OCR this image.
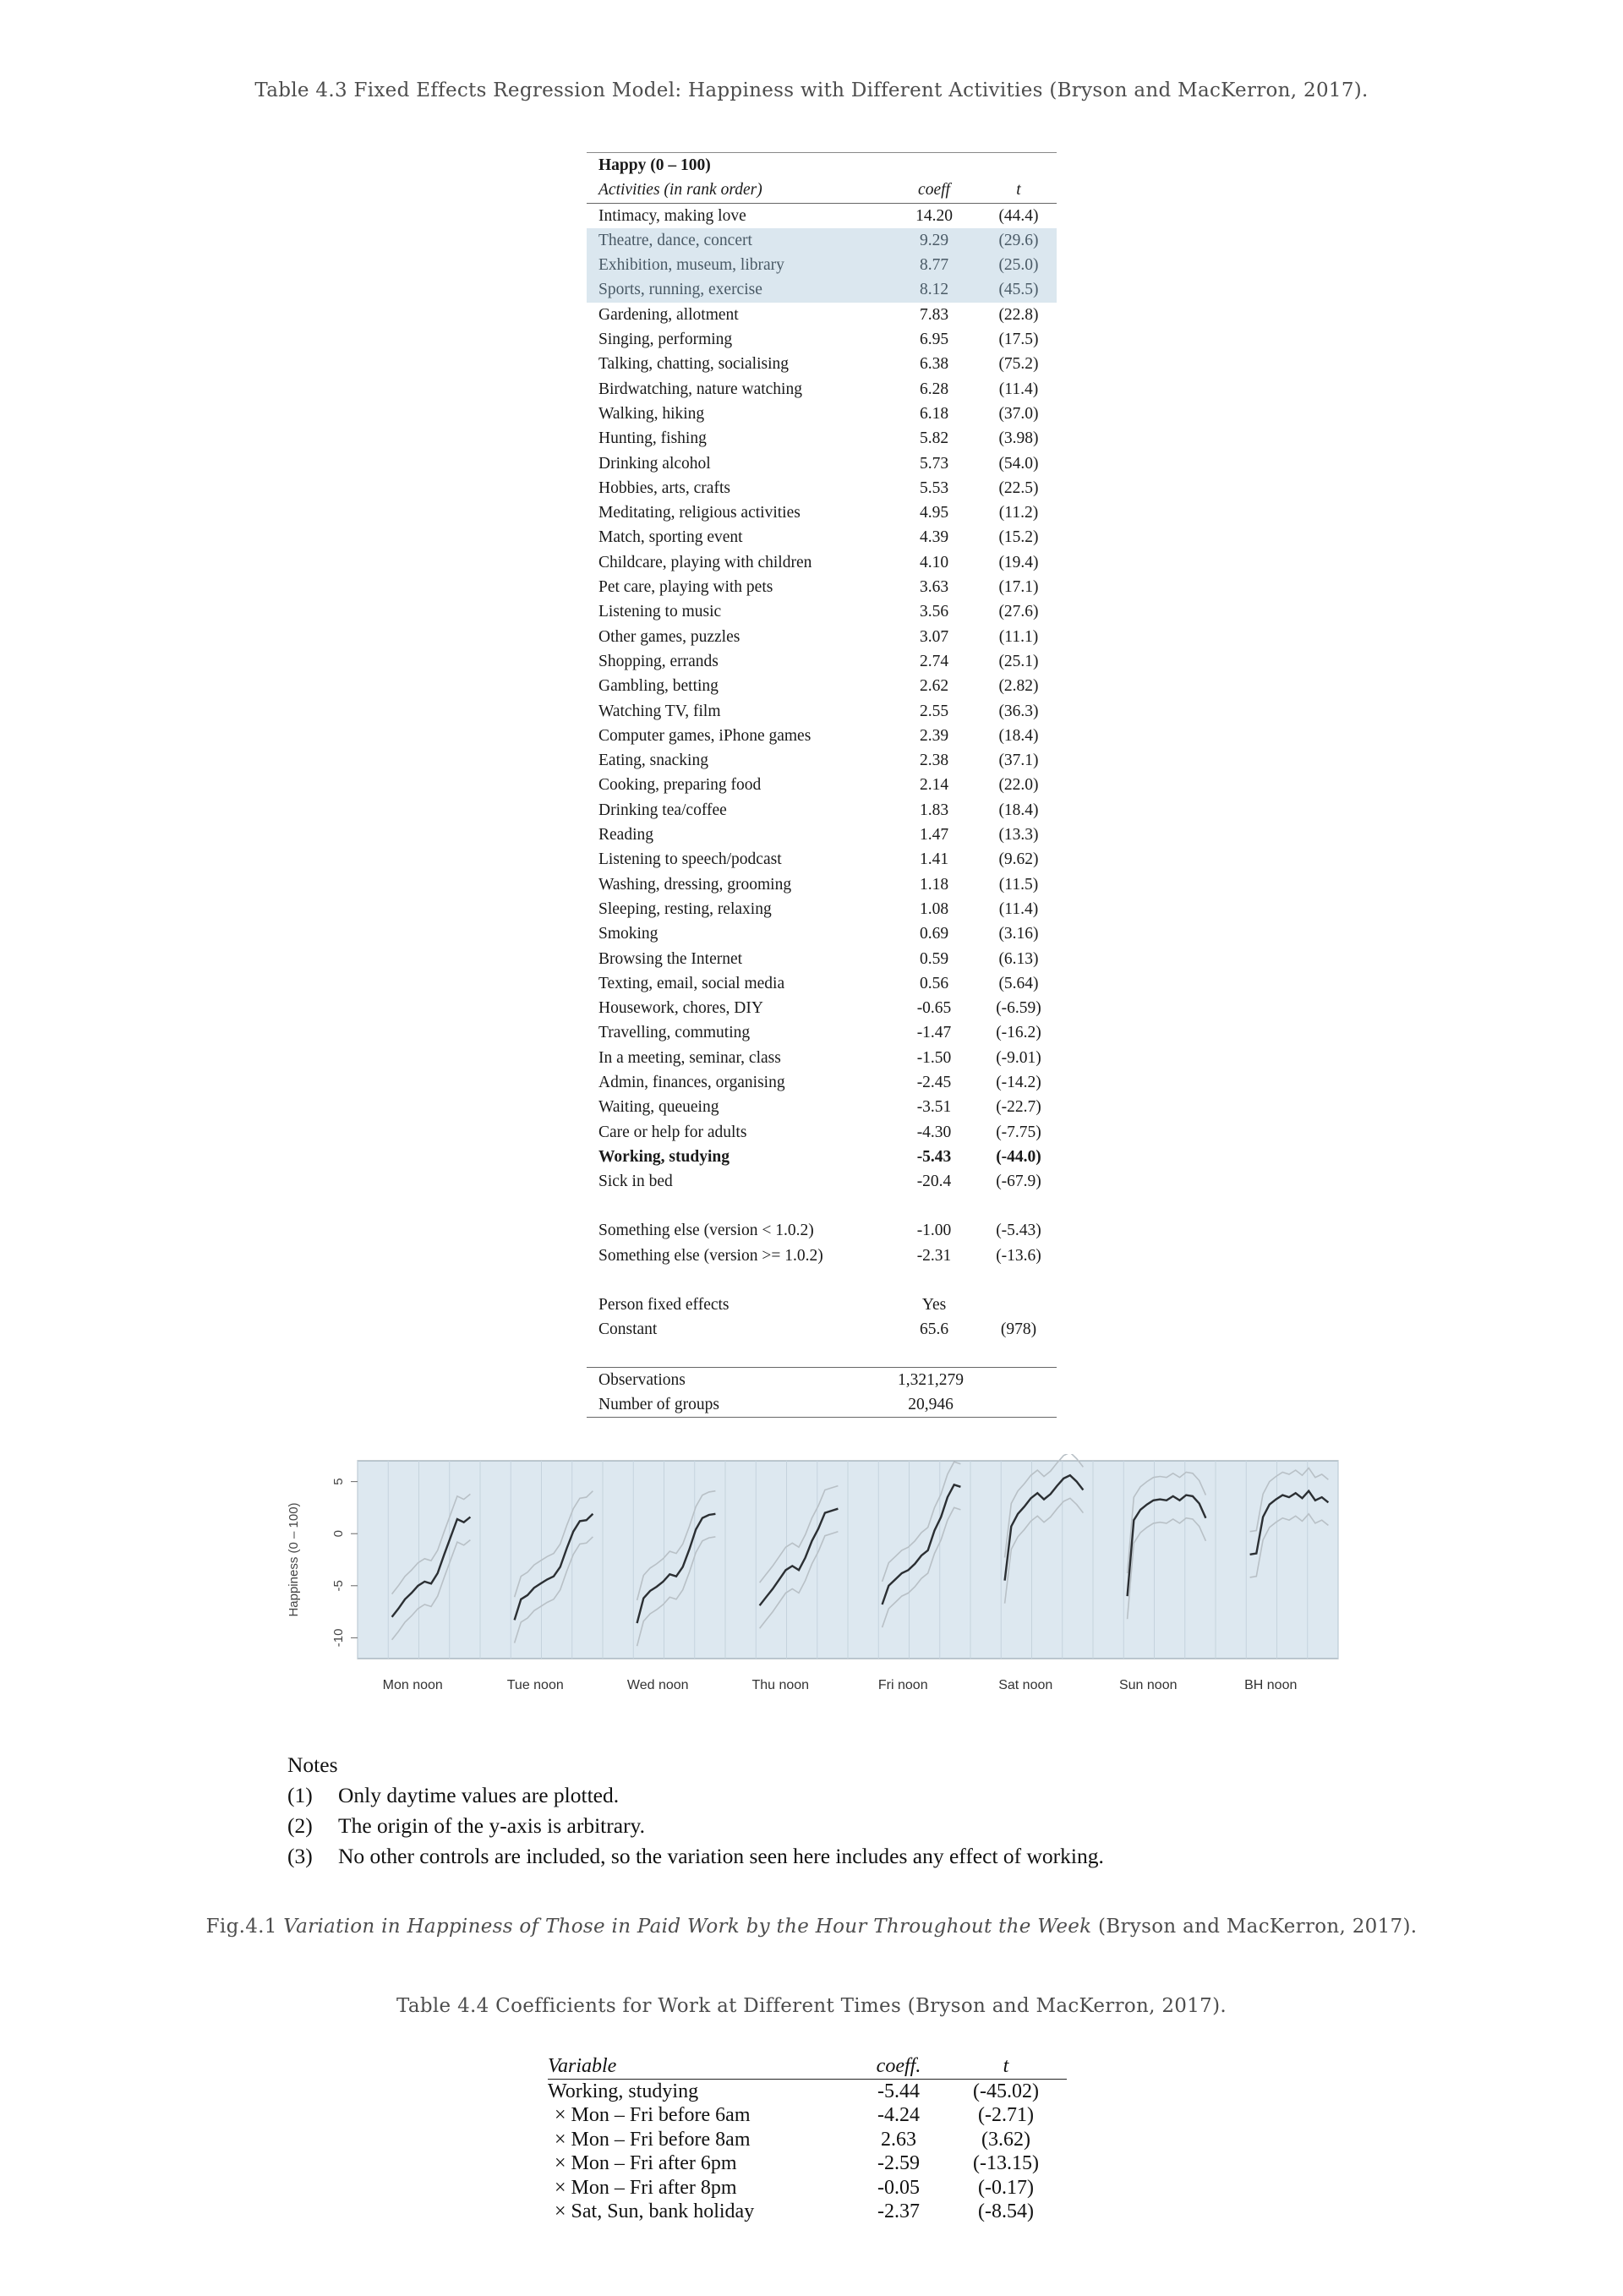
Table 4.3 Fixed Effects Regression Model: Happiness with Different Activities (Bryson and MacKerron, 2017).
Happy (0 – 100)		
Activities (in rank order)	coeff	t
Intimacy, making love	14.20	(44.4)
Theatre, dance, concert	9.29	(29.6)
Exhibition, museum, library	8.77	(25.0)
Sports, running, exercise	8.12	(45.5)
Gardening, allotment	7.83	(22.8)
Singing, performing	6.95	(17.5)
Talking, chatting, socialising	6.38	(75.2)
Birdwatching, nature watching	6.28	(11.4)
Walking, hiking	6.18	(37.0)
Hunting, fishing	5.82	(3.98)
Drinking alcohol	5.73	(54.0)
Hobbies, arts, crafts	5.53	(22.5)
Meditating, religious activities	4.95	(11.2)
Match, sporting event	4.39	(15.2)
Childcare, playing with children	4.10	(19.4)
Pet care, playing with pets	3.63	(17.1)
Listening to music	3.56	(27.6)
Other games, puzzles	3.07	(11.1)
Shopping, errands	2.74	(25.1)
Gambling, betting	2.62	(2.82)
Watching TV, film	2.55	(36.3)
Computer games, iPhone games	2.39	(18.4)
Eating, snacking	2.38	(37.1)
Cooking, preparing food	2.14	(22.0)
Drinking tea/coffee	1.83	(18.4)
Reading	1.47	(13.3)
Listening to speech/podcast	1.41	(9.62)
Washing, dressing, grooming	1.18	(11.5)
Sleeping, resting, relaxing	1.08	(11.4)
Smoking	0.69	(3.16)
Browsing the Internet	0.59	(6.13)
Texting, email, social media	0.56	(5.64)
Housework, chores, DIY	-0.65	(-6.59)
Travelling, commuting	-1.47	(-16.2)
In a meeting, seminar, class	-1.50	(-9.01)
Admin, finances, organising	-2.45	(-14.2)
Waiting, queueing	-3.51	(-22.7)
Care or help for adults	-4.30	(-7.75)
Working, studying	-5.43	(-44.0)
Sick in bed	-20.4	(-67.9)

Something else (version < 1.0.2)	-1.00	(-5.43)
Something else (version >= 1.0.2)	-2.31	(-13.6)

Person fixed effects	Yes	
Constant	65.6	(978)

Observations	1,321,279	
Number of groups	20,946	
-10
-5
0
5
Happiness (0 – 100)
Mon noon	Tue noon	Wed noon	Thu noon	Fri noon	Sat noon	Sun noon	BH noon
Notes
(1)	Only daytime values are plotted.
(2)	The origin of the y-axis is arbitrary.
(3)	No other controls are included, so the variation seen here includes any effect of working.
Fig.4.1 Variation in Happiness of Those in Paid Work by the Hour Throughout the Week (Bryson and MacKerron, 2017).
Table 4.4 Coefficients for Work at Different Times (Bryson and MacKerron, 2017).
Variable	coeff.	t
Working, studying	-5.44	(-45.02)
× Mon – Fri before 6am	-4.24	(-2.71)
× Mon – Fri before 8am	2.63	(3.62)
× Mon – Fri after 6pm	-2.59	(-13.15)
× Mon – Fri after 8pm	-0.05	(-0.17)
× Sat, Sun, bank holiday	-2.37	(-8.54)
